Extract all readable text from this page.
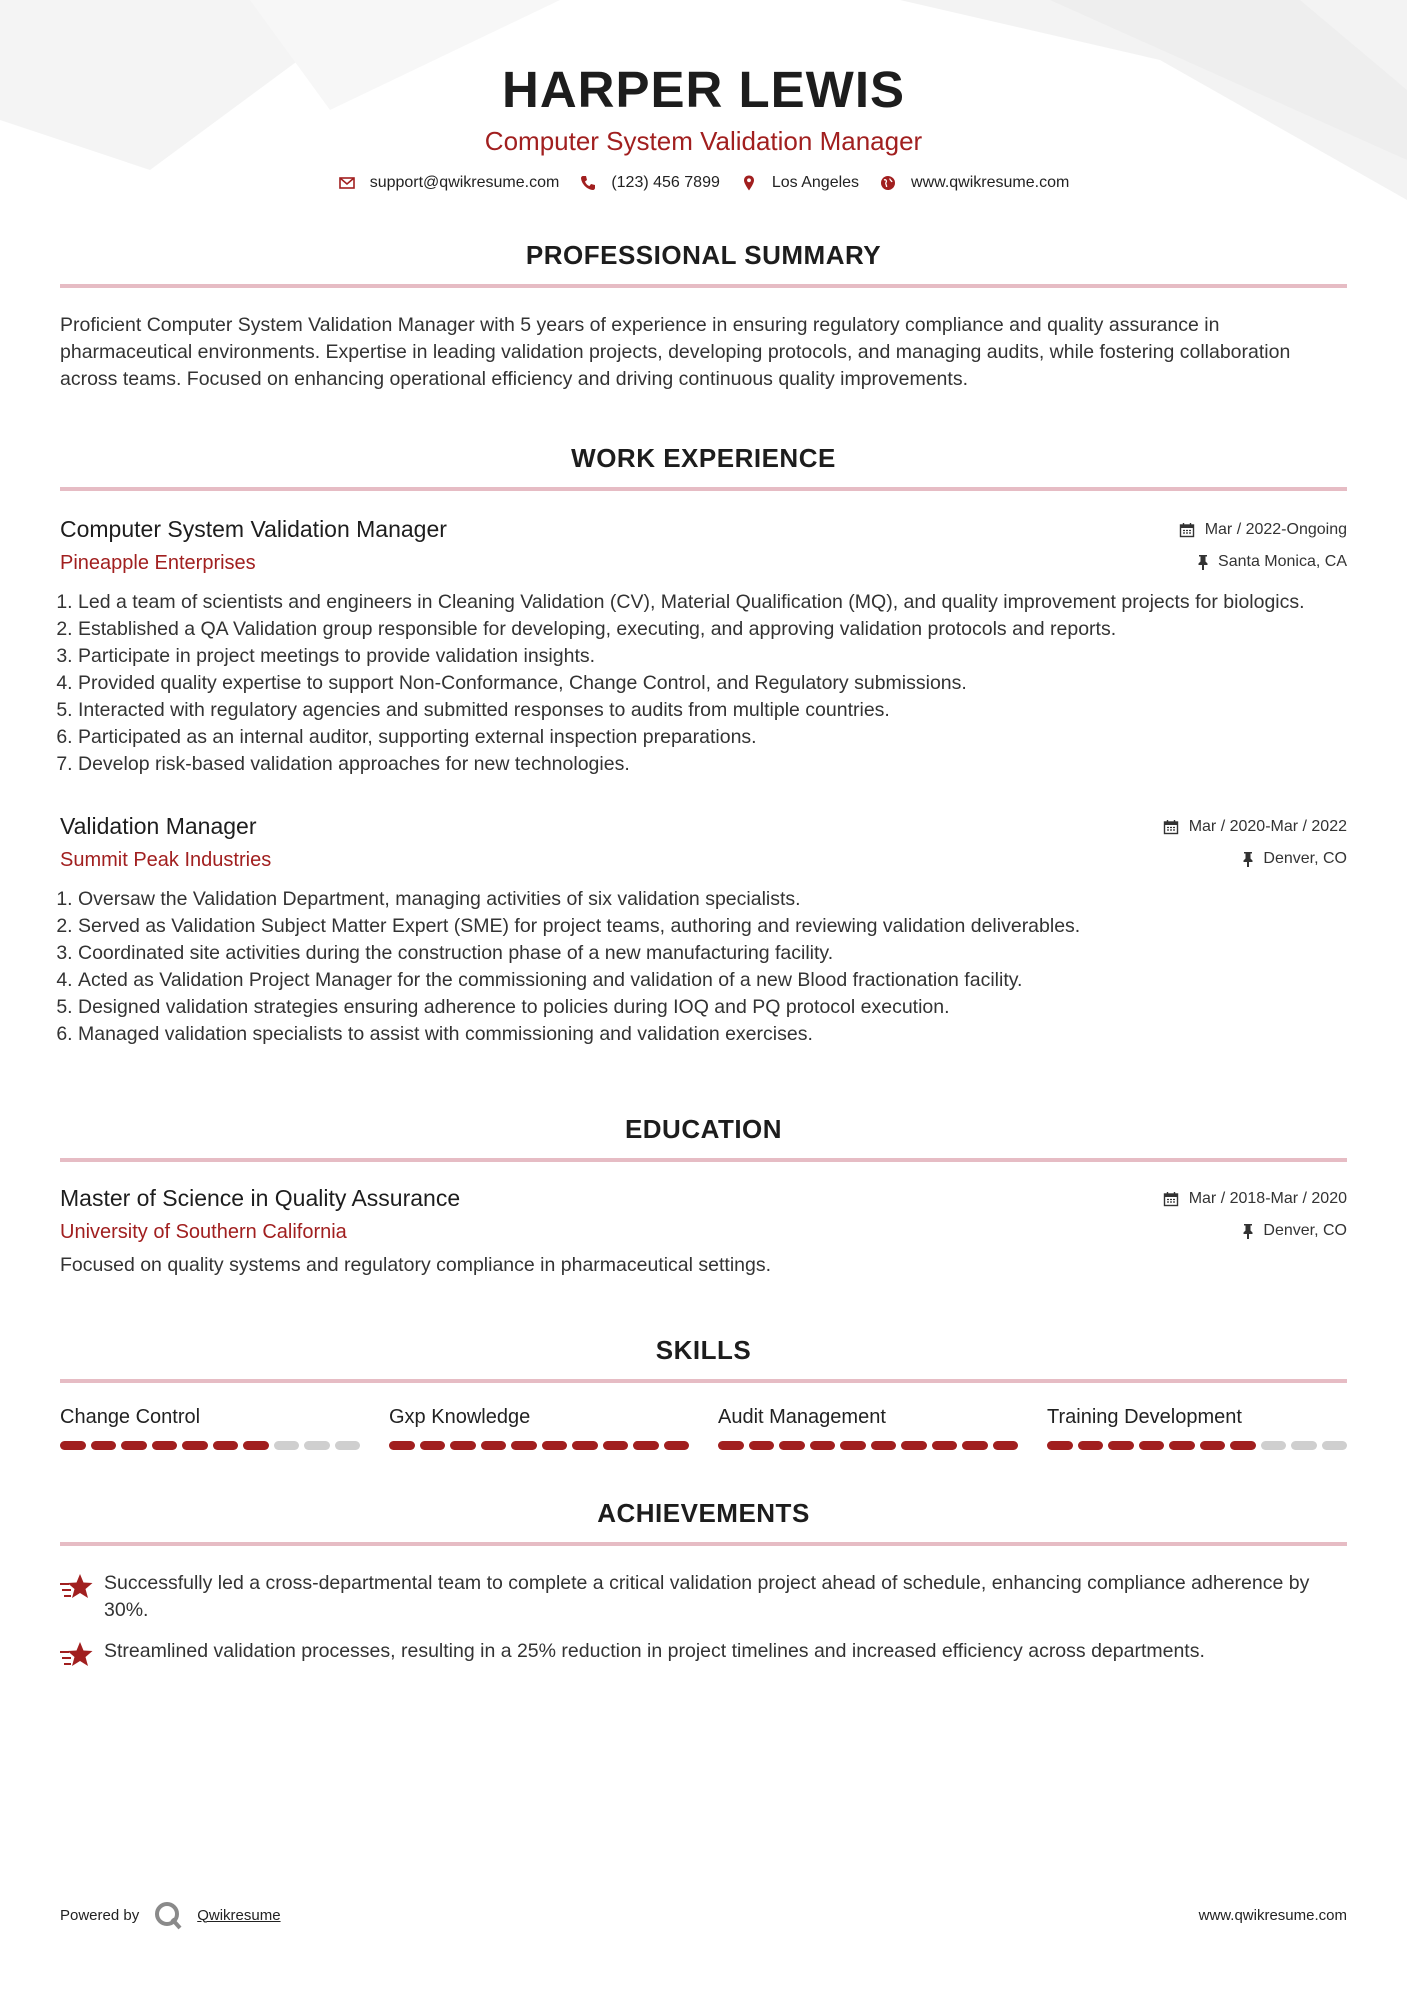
HARPER LEWIS
Computer System Validation Manager
support@qwikresume.com	(123) 456 7899	Los Angeles	www.qwikresume.com
PROFESSIONAL SUMMARY

Proficient Computer System Validation Manager with 5 years of experience in ensuring regulatory compliance and quality assurance in pharmaceutical environments. Expertise in leading validation projects, developing protocols, and managing audits, while fostering collaboration across teams. Focused on enhancing operational efficiency and driving continuous quality improvements.

WORK EXPERIENCE
Computer System Validation Manager	Mar / 2022-Ongoing
Pineapple Enterprises	Santa Monica, CA
1. Led a team of scientists and engineers in Cleaning Validation (CV), Material Qualification (MQ), and quality improvement projects for biologics.
2. Established a QA Validation group responsible for developing, executing, and approving validation protocols and reports.
3. Participate in project meetings to provide validation insights.
4. Provided quality expertise to support Non-Conformance, Change Control, and Regulatory submissions.
5. Interacted with regulatory agencies and submitted responses to audits from multiple countries.
6. Participated as an internal auditor, supporting external inspection preparations.
7. Develop risk-based validation approaches for new technologies.
Validation Manager	Mar / 2020-Mar / 2022
Summit Peak Industries	Denver, CO
1. Oversaw the Validation Department, managing activities of six validation specialists.
2. Served as Validation Subject Matter Expert (SME) for project teams, authoring and reviewing validation deliverables.
3. Coordinated site activities during the construction phase of a new manufacturing facility.
4. Acted as Validation Project Manager for the commissioning and validation of a new Blood fractionation facility.
5. Designed validation strategies ensuring adherence to policies during IOQ and PQ protocol execution.
6. Managed validation specialists to assist with commissioning and validation exercises.
EDUCATION
Master of Science in Quality Assurance	Mar / 2018-Mar / 2020
University of Southern California	Denver, CO

Focused on quality systems and regulatory compliance in pharmaceutical settings.

SKILLS
Change Control	Gxp Knowledge	Audit Management	Training Development
ACHIEVEMENTS
Successfully led a cross-departmental team to complete a critical validation project ahead of schedule, enhancing compliance adherence by 30%.
Streamlined validation processes, resulting in a 25% reduction in project timelines and increased efficiency across departments.
Powered by	Qwikresume	www.qwikresume.com
